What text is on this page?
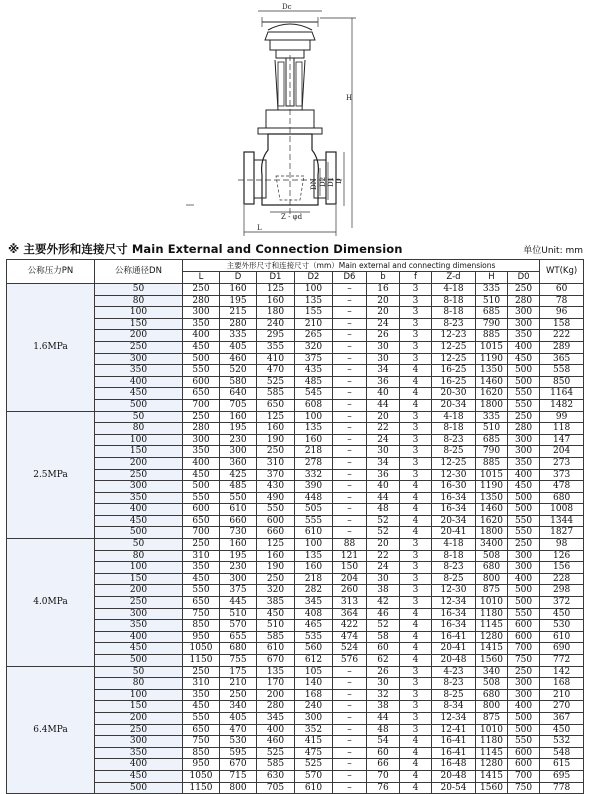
Dc
H
DN D2 D1 D
Z - φd
L
※ 主要外形和连接尺寸 Main External and Connection Dimension	单位Unit: mm
公称压力PN	公称通径DN	主要外形尺寸和连接尺寸（mm）Main external and connecting dimensions										WT(Kg)
		L	D	D1	D2	D6	b	f	Z-d	H	D0	
1.6MPa	50	250	160	125	100	–	16	3	4-18	335	250	60
	80	280	195	160	135	–	20	3	8-18	510	280	78
	100	300	215	180	155	–	20	3	8-18	685	300	96
	150	350	280	240	210	–	24	3	8-23	790	300	158
	200	400	335	295	265	–	26	3	12-23	885	350	222
	250	450	405	355	320	–	30	3	12-25	1015	400	289
	300	500	460	410	375	–	30	3	12-25	1190	450	365
	350	550	520	470	435	–	34	4	16-25	1350	500	558
	400	600	580	525	485	–	36	4	16-25	1460	500	850
	450	650	640	585	545	–	40	4	20-30	1620	550	1164
	500	700	705	650	608	–	44	4	20-34	1800	550	1482
2.5MPa	50	250	160	125	100	–	20	3	4-18	335	250	99
	80	280	195	160	135	–	22	3	8-18	510	280	118
	100	300	230	190	160	–	24	3	8-23	685	300	147
	150	350	300	250	218	–	30	3	8-25	790	300	204
	200	400	360	310	278	–	34	3	12-25	885	350	273
	250	450	425	370	332	–	36	3	12-30	1015	400	373
	300	500	485	430	390	–	40	4	16-30	1190	450	478
	350	550	550	490	448	–	44	4	16-34	1350	500	680
	400	600	610	550	505	–	48	4	16-34	1460	500	1008
	450	650	660	600	555	–	52	4	20-34	1620	550	1344
	500	700	730	660	610	–	52	4	20-41	1800	550	1827
4.0MPa	50	250	160	125	100	88	20	3	4-18	3400	250	98
	80	310	195	160	135	121	22	3	8-18	508	300	126
	100	350	230	190	160	150	24	3	8-23	680	300	156
	150	450	300	250	218	204	30	3	8-25	800	400	228
	200	550	375	320	282	260	38	3	12-30	875	500	298
	250	650	445	385	345	313	42	3	12-34	1010	500	372
	300	750	510	450	408	364	46	4	16-34	1180	550	450
	350	850	570	510	465	422	52	4	16-34	1145	600	530
	400	950	655	585	535	474	58	4	16-41	1280	600	610
	450	1050	680	610	560	524	60	4	20-41	1415	700	690
	500	1150	755	670	612	576	62	4	20-48	1560	750	772
6.4MPa	50	250	175	135	105	–	26	3	4-23	340	250	142
	80	310	210	170	140	–	30	3	8-23	508	300	168
	100	350	250	200	168	–	32	3	8-25	680	300	210
	150	450	340	280	240	–	38	3	8-34	800	400	270
	200	550	405	345	300	–	44	3	12-34	875	500	367
	250	650	470	400	352	–	48	3	12-41	1010	500	450
	300	750	530	460	415	–	54	4	16-41	1180	550	532
	350	850	595	525	475	–	60	4	16-41	1145	600	548
	400	950	670	585	525	–	66	4	16-48	1280	600	615
	450	1050	715	630	570	–	70	4	20-48	1415	700	695
	500	1150	800	705	610	–	76	4	20-54	1560	750	778
